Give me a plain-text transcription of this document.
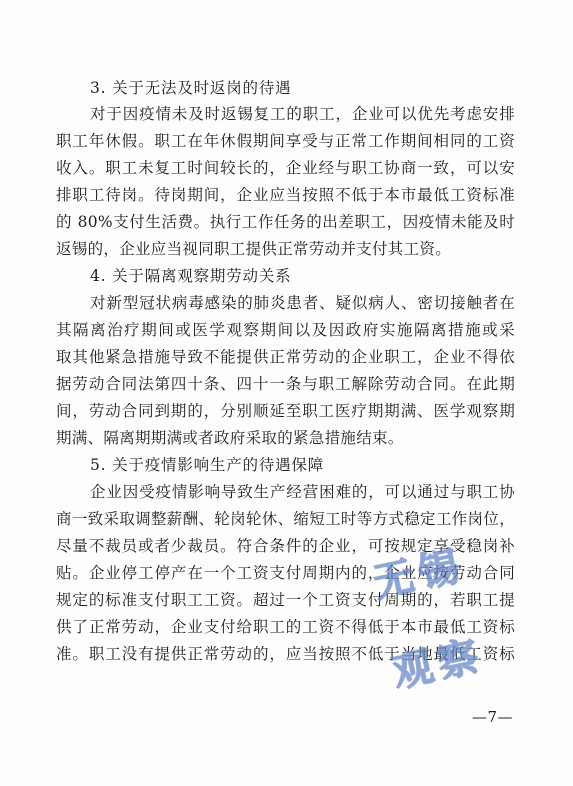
3. 关于无法及时返岗的待遇
对于因疫情未及时返锡复工的职工，企业可以优先考虑安排
职工年休假。职工在年休假期间享受与正常工作期间相同的工资
收入。职工未复工时间较长的，企业经与职工协商一致，可以安
排职工待岗。待岗期间，企业应当按照不低于本市最低工资标准
的 80%支付生活费。执行工作任务的出差职工，因疫情未能及时
返锡的，企业应当视同职工提供正常劳动并支付其工资。
4. 关于隔离观察期劳动关系
对新型冠状病毒感染的肺炎患者、疑似病人、密切接触者在
其隔离治疗期间或医学观察期间以及因政府实施隔离措施或采
取其他紧急措施导致不能提供正常劳动的企业职工，企业不得依
据劳动合同法第四十条、四十一条与职工解除劳动合同。在此期
间，劳动合同到期的，分别顺延至职工医疗期期满、医学观察期
期满、隔离期期满或者政府采取的紧急措施结束。
5. 关于疫情影响生产的待遇保障
企业因受疫情影响导致生产经营困难的，可以通过与职工协
商一致采取调整薪酬、轮岗轮休、缩短工时等方式稳定工作岗位，
尽量不裁员或者少裁员。符合条件的企业，可按规定享受稳岗补
贴。企业停工停产在一个工资支付周期内的，企业应按劳动合同
规定的标准支付职工工资。超过一个工资支付周期的，若职工提
供了正常劳动，企业支付给职工的工资不得低于本市最低工资标
准。职工没有提供正常劳动的，应当按照不低于当地最低工资标
无锡
观察
—7—
